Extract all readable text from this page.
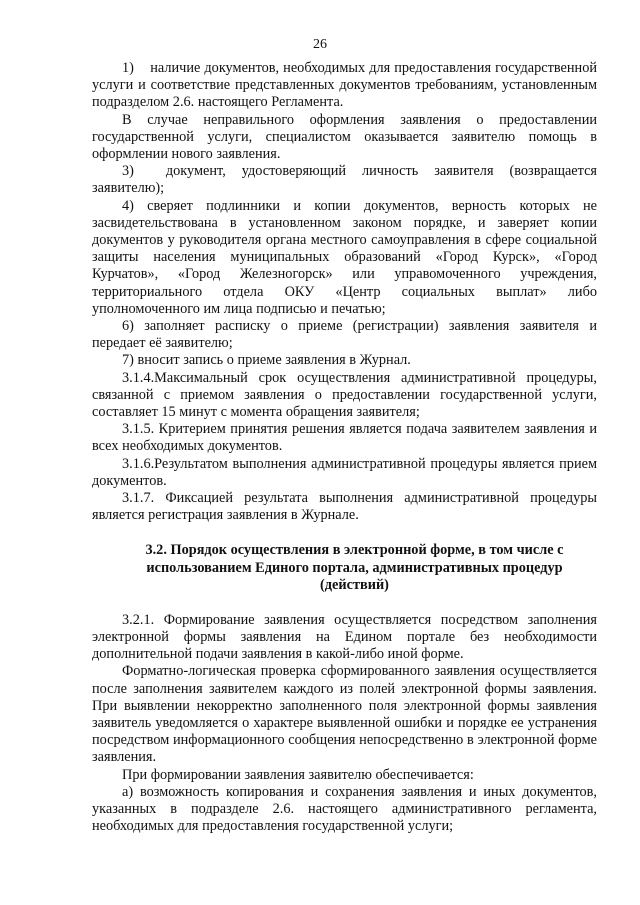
26

1)    наличие документов, необходимых для предоставления государственной услуги и соответствие представленных документов требованиям, установленным подразделом 2.6. настоящего Регламента.

В случае неправильного оформления заявления о предоставлении государственной услуги, специалистом оказывается заявителю помощь в оформлении нового заявления.

3)  документ, удостоверяющий личность заявителя (возвращается заявителю);

4) сверяет подлинники и копии документов, верность которых не засвидетельствована в установленном законом порядке, и заверяет копии документов у руководителя органа местного самоуправления в сфере социальной защиты населения муниципальных образований «Город Курск», «Город Курчатов», «Город Железногорск» или управомоченного учреждения, территориального отдела ОКУ «Центр социальных выплат» либо уполномоченного им лица подписью и печатью;

6) заполняет расписку о приеме (регистрации) заявления заявителя и передает её заявителю;

7) вносит запись о приеме заявления в Журнал.

3.1.4.Максимальный срок осуществления административной процедуры, связанной с приемом заявления о предоставлении государственной услуги, составляет 15 минут с момента обращения заявителя;

3.1.5. Критерием принятия решения является подача заявителем заявления и всех необходимых документов.

3.1.6.Результатом выполнения административной процедуры является прием документов.

3.1.7. Фиксацией результата выполнения административной процедуры является регистрация заявления в Журнале.

3.2. Порядок осуществления в электронной форме, в том числе с

использованием Единого портала, административных процедур

(действий)

3.2.1. Формирование заявления осуществляется посредством заполнения электронной формы заявления на Едином портале без необходимости дополнительной подачи заявления в какой-либо иной форме.

Форматно-логическая проверка сформированного заявления осуществляется после заполнения заявителем каждого из полей электронной формы заявления. При выявлении некорректно заполненного поля электронной формы заявления заявитель уведомляется о характере выявленной ошибки и порядке ее устранения посредством информационного сообщения непосредственно в электронной форме заявления.

При формировании заявления заявителю обеспечивается:

а) возможность копирования и сохранения заявления и иных документов, указанных в подразделе 2.6. настоящего административного регламента, необходимых для предоставления государственной услуги;
